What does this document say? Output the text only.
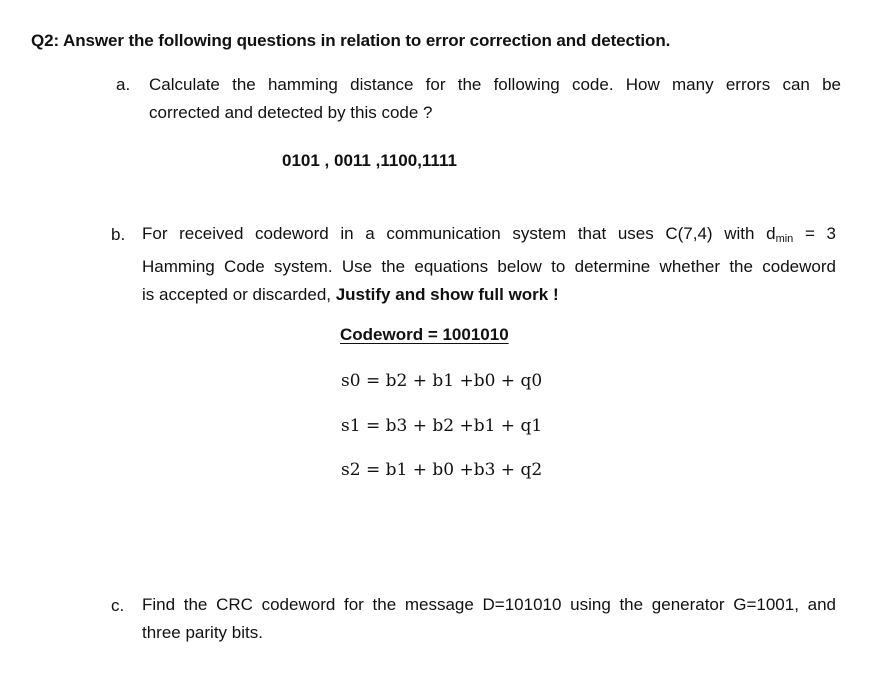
Q2: Answer the following questions in relation to error correction and detection.
a. Calculate the hamming distance for the following code. How many errors can be
corrected and detected by this code ?
0101 , 0011 ,1100,1111
b. For received codeword in a communication system that uses C(7,4) with $d_{min} = 3$
Hamming Code system. Use the equations below to determine whether the codeword
is accepted or discarded, Justify and show full work !
Codeword = 1001010
s0 = b2 + b1 +b0 + q0
s1 = b3 + b2 +b1 + q1
s2 = b1 + b0 +b3 + q2
c. Find the CRC codeword for the message D=101010 using the generator G=1001, and
three parity bits.
